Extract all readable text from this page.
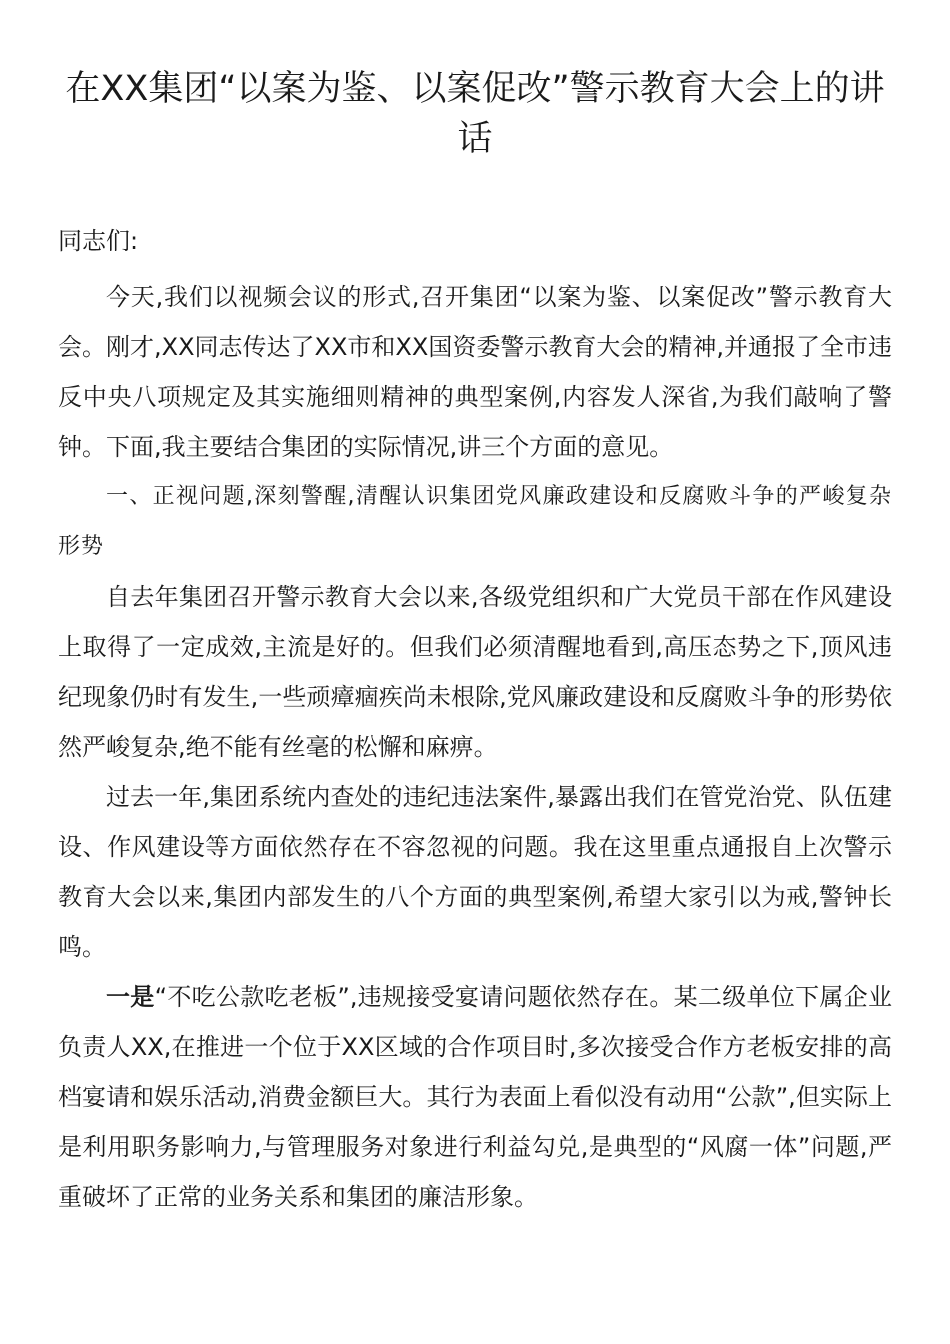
在XX集团“以案为鉴、以案促改”警示教育大会上的讲话

同志们:

今天,我们以视频会议的形式,召开集团“以案为鉴、以案促改”警示教育大会。刚才,XX同志传达了XX市和XX国资委警示教育大会的精神,并通报了全市违反中央八项规定及其实施细则精神的典型案例,内容发人深省,为我们敲响了警钟。下面,我主要结合集团的实际情况,讲三个方面的意见。

一、正视问题,深刻警醒,清醒认识集团党风廉政建设和反腐败斗争的严峻复杂形势

自去年集团召开警示教育大会以来,各级党组织和广大党员干部在作风建设上取得了一定成效,主流是好的。但我们必须清醒地看到,高压态势之下,顶风违纪现象仍时有发生,一些顽瘴痼疾尚未根除,党风廉政建设和反腐败斗争的形势依然严峻复杂,绝不能有丝毫的松懈和麻痹。

过去一年,集团系统内查处的违纪违法案件,暴露出我们在管党治党、队伍建设、作风建设等方面依然存在不容忽视的问题。我在这里重点通报自上次警示教育大会以来,集团内部发生的八个方面的典型案例,希望大家引以为戒,警钟长鸣。

一是“不吃公款吃老板”,违规接受宴请问题依然存在。某二级单位下属企业负责人XX,在推进一个位于XX区域的合作项目时,多次接受合作方老板安排的高档宴请和娱乐活动,消费金额巨大。其行为表面上看似没有动用“公款”,但实际上是利用职务影响力,与管理服务对象进行利益勾兑,是典型的“风腐一体”问题,严重破坏了正常的业务关系和集团的廉洁形象。
